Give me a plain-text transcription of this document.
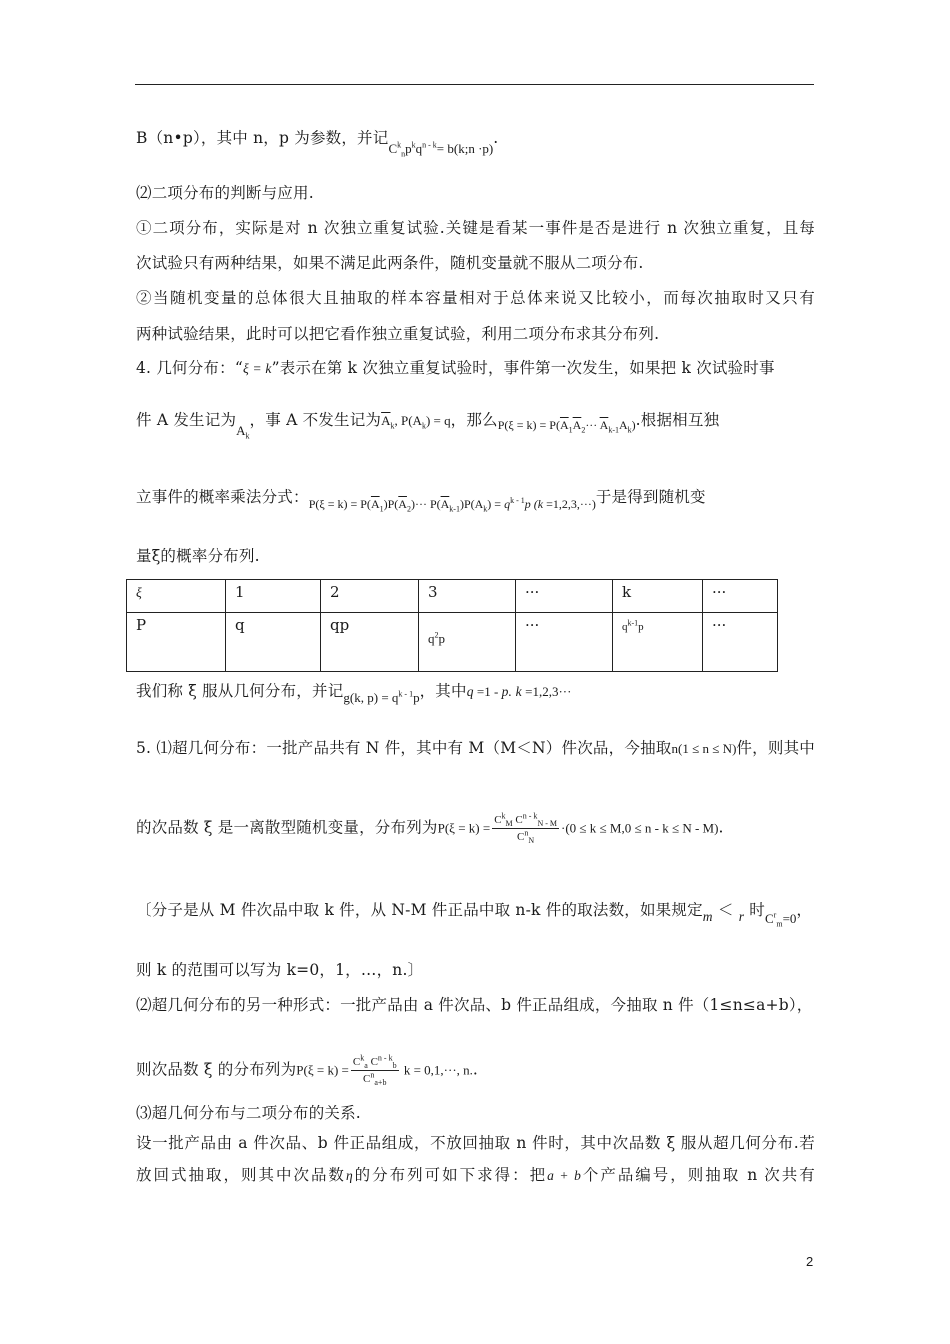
B（n•p），其中 n，p 为参数，并记$_{C^k_np^kq^{n - k}= b(k;n \cdot p)}$.
⑵二项分布的判断与应用.
①二项分布，实际是对 n 次独立重复试验.关键是看某一事件是否是进行 n 次独立重复，且每
次试验只有两种结果，如果不满足此两条件，随机变量就不服从二项分布.
②当随机变量的总体很大且抽取的样本容量相对于总体来说又比较小，而每次抽取时又只有
两种试验结果，此时可以把它看作独立重复试验，利用二项分布求其分布列.
4. 几何分布：“ξ = k”表示在第 k 次独立重复试验时，事件第一次发生，如果把 k 次试验时事
件 A 发生记为$_{A_k}$，事 A 不发生记为$\overline{A}_k$, $P(A_k) = q$，那么$_{P(\xi = k) = P(\overline{A}_1\overline{A}_2\cdot\cdot\cdot \overline{A}_{k-1}A_k)}$.根据相互独
立事件的概率乘法分式：$_{P(\xi = k) = P(\overline{A}_1)P(\overline{A}_2)\cdot\cdot\cdot P(\overline{A}_{k-1})P(A_k) = q^{k - 1}p (k =1,2,3,\cdot\cdot\cdot)}$于是得到随机变
量ξ的概率分布列.
ξ	1	2	3	···	k	···
P	q	qp	$q^2p$	···	$q^{k-1}p$	···
我们称 ξ 服从几何分布，并记$_{g(k, p) = q^{k - 1}p}$，其中q =1 - p. k =1,2,3···
5. ⑴超几何分布：一批产品共有 N 件，其中有 M（M＜N）件次品，今抽取n(1 ≤ n ≤ N)件，则其中
的次品数 ξ 是一离散型随机变量，分布列为$P(\xi = k) = \frac{C^k_M C^{n - k}_{N - M}}{C^n_N} \cdot(0 \le k \le M,0 \le n - k \le N - M)$.
〔分子是从 M 件次品中取 k 件，从 N-M 件正品中取 n-k 件的取法数，如果规定m ＜ r 时$_{C^r_m=0}$，
则 k 的范围可以写为 k=0，1，…，n.〕
⑵超几何分布的另一种形式：一批产品由 a 件次品、b 件正品组成，今抽取 n 件（1≤n≤a+b），
则次品数 ξ 的分布列为$P(\xi = k) = \frac{C^k_a C^{n - k}_b}{C^n_{a+b}}$ k = 0,1,···, n..
⑶超几何分布与二项分布的关系.
设一批产品由 a 件次品、b 件正品组成，不放回抽取 n 件时，其中次品数 ξ 服从超几何分布.若
放回式抽取，则其中次品数η的分布列可如下求得：把a + b个产品编号，则抽取 n 次共有
2
